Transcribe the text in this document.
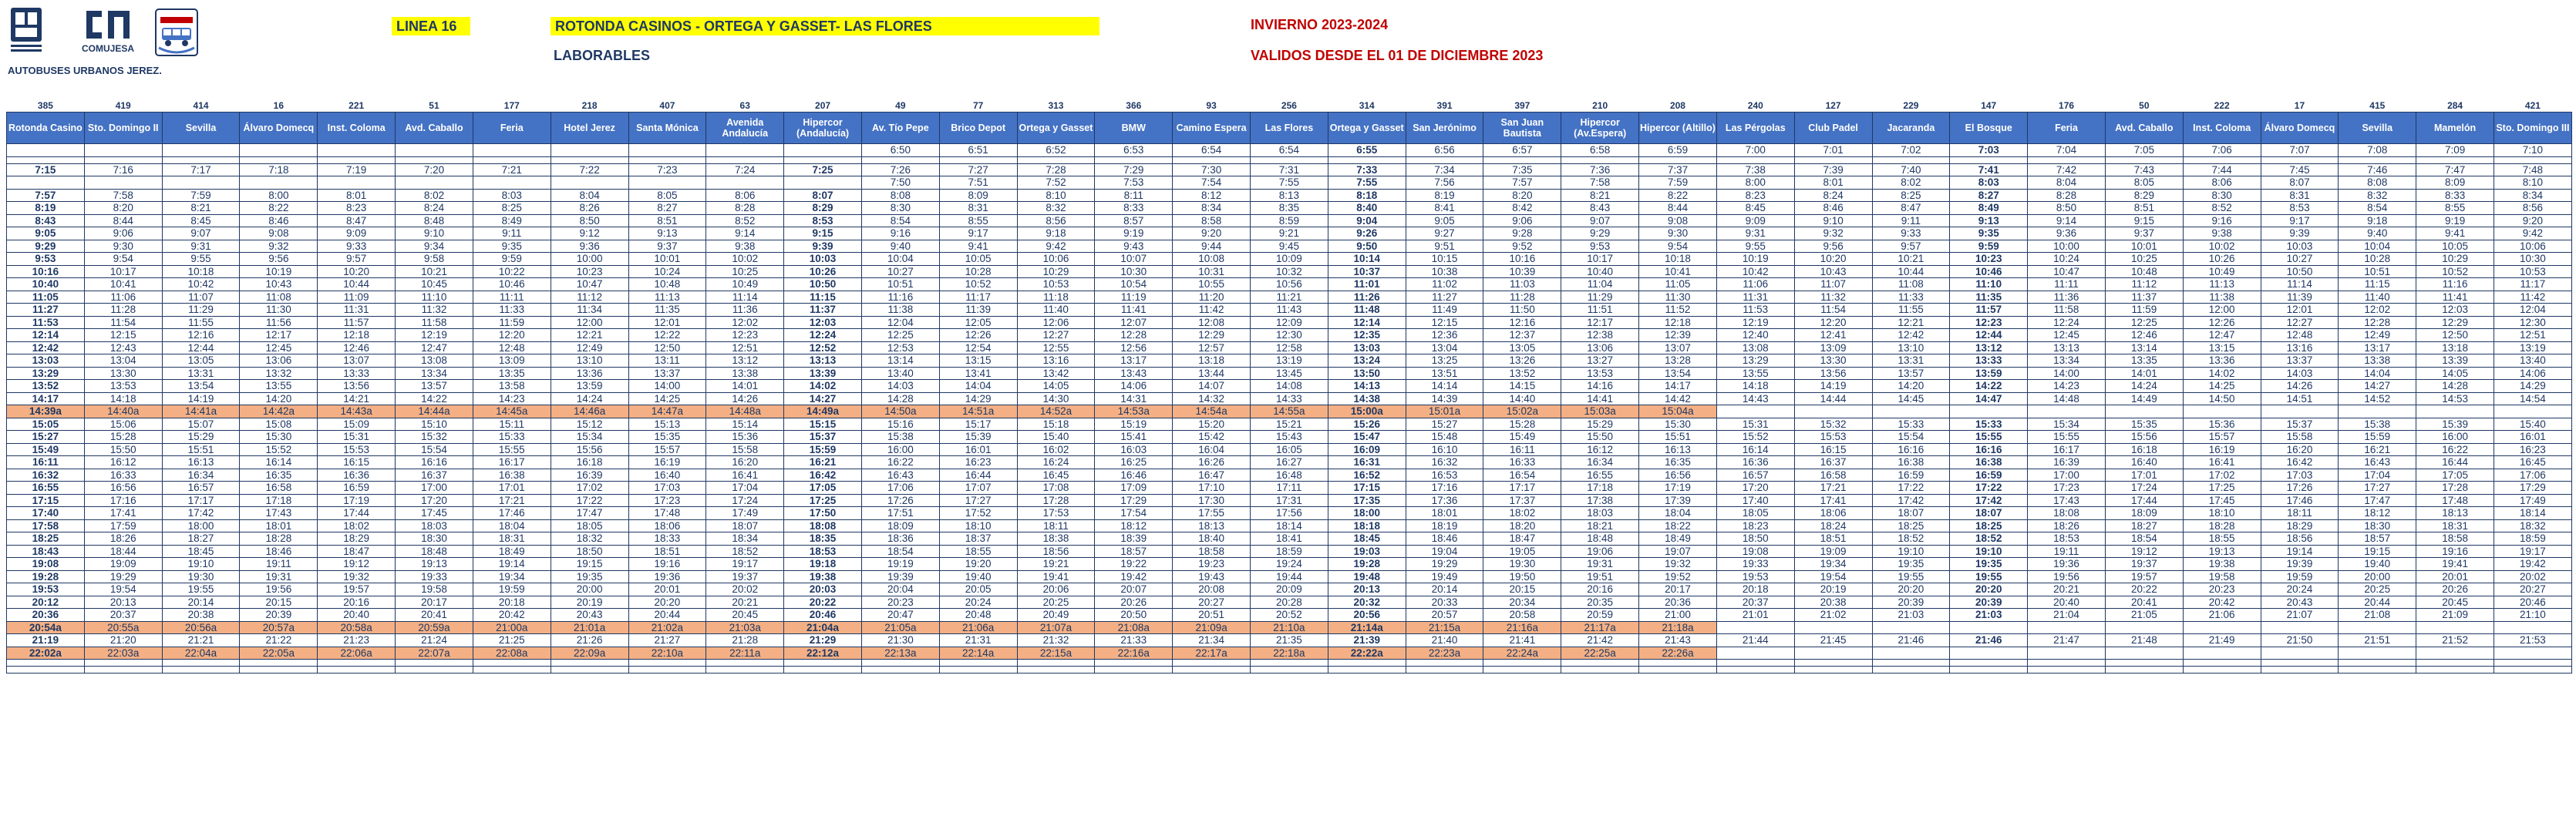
COMUJESA
AUTOBUSES URBANOS JEREZ.
LINEA 16	ROTONDA CASINOS - ORTEGA Y GASSET- LAS FLORES
LABORABLES
INVIERNO 2023-2024
VALIDOS DESDE EL 01 DE DICIEMBRE 2023
385	419	414	16	221	51	177	218	407	63	207	49	77	313	366	93	256	314	391	397	210	208	240	127	229	147	176	50	222	17	415	284	421
Rotonda Casino	Sto. Domingo II	Sevilla	Álvaro Domecq	Inst. Coloma	Avd. Caballo	Feria	Hotel Jerez	Santa Mónica	Avenida Andalucía	Hipercor (Andalucía)	Av. Tío Pepe	Brico Depot	Ortega y Gasset	BMW	Camino Espera	Las Flores	Ortega y Gasset	San Jerónimo	San Juan Bautista	Hipercor (Av.Espera)	Hipercor (Altillo)	Las Pérgolas	Club Padel	Jacaranda	El Bosque	Feria	Avd. Caballo	Inst. Coloma	Álvaro Domecq	Sevilla	Mamelón	Sto. Domingo III
											6:50	6:51	6:52	6:53	6:54	6:54	6:55	6:56	6:57	6:58	6:59	7:00	7:01	7:02	7:03	7:04	7:05	7:06	7:07	7:08	7:09	7:10

7:15	7:16	7:17	7:18	7:19	7:20	7:21	7:22	7:23	7:24	7:25	7:26	7:27	7:28	7:29	7:30	7:31	7:33	7:34	7:35	7:36	7:37	7:38	7:39	7:40	7:41	7:42	7:43	7:44	7:45	7:46	7:47	7:48
											7:50	7:51	7:52	7:53	7:54	7:55	7:55	7:56	7:57	7:58	7:59	8:00	8:01	8:02	8:03	8:04	8:05	8:06	8:07	8:08	8:09	8:10
7:57	7:58	7:59	8:00	8:01	8:02	8:03	8:04	8:05	8:06	8:07	8:08	8:09	8:10	8:11	8:12	8:13	8:18	8:19	8:20	8:21	8:22	8:23	8:24	8:25	8:27	8:28	8:29	8:30	8:31	8:32	8:33	8:34
8:19	8:20	8:21	8:22	8:23	8:24	8:25	8:26	8:27	8:28	8:29	8:30	8:31	8:32	8:33	8:34	8:35	8:40	8:41	8:42	8:43	8:44	8:45	8:46	8:47	8:49	8:50	8:51	8:52	8:53	8:54	8:55	8:56
8:43	8:44	8:45	8:46	8:47	8:48	8:49	8:50	8:51	8:52	8:53	8:54	8:55	8:56	8:57	8:58	8:59	9:04	9:05	9:06	9:07	9:08	9:09	9:10	9:11	9:13	9:14	9:15	9:16	9:17	9:18	9:19	9:20
9:05	9:06	9:07	9:08	9:09	9:10	9:11	9:12	9:13	9:14	9:15	9:16	9:17	9:18	9:19	9:20	9:21	9:26	9:27	9:28	9:29	9:30	9:31	9:32	9:33	9:35	9:36	9:37	9:38	9:39	9:40	9:41	9:42
9:29	9:30	9:31	9:32	9:33	9:34	9:35	9:36	9:37	9:38	9:39	9:40	9:41	9:42	9:43	9:44	9:45	9:50	9:51	9:52	9:53	9:54	9:55	9:56	9:57	9:59	10:00	10:01	10:02	10:03	10:04	10:05	10:06
9:53	9:54	9:55	9:56	9:57	9:58	9:59	10:00	10:01	10:02	10:03	10:04	10:05	10:06	10:07	10:08	10:09	10:14	10:15	10:16	10:17	10:18	10:19	10:20	10:21	10:23	10:24	10:25	10:26	10:27	10:28	10:29	10:30
10:16	10:17	10:18	10:19	10:20	10:21	10:22	10:23	10:24	10:25	10:26	10:27	10:28	10:29	10:30	10:31	10:32	10:37	10:38	10:39	10:40	10:41	10:42	10:43	10:44	10:46	10:47	10:48	10:49	10:50	10:51	10:52	10:53
10:40	10:41	10:42	10:43	10:44	10:45	10:46	10:47	10:48	10:49	10:50	10:51	10:52	10:53	10:54	10:55	10:56	11:01	11:02	11:03	11:04	11:05	11:06	11:07	11:08	11:10	11:11	11:12	11:13	11:14	11:15	11:16	11:17
11:05	11:06	11:07	11:08	11:09	11:10	11:11	11:12	11:13	11:14	11:15	11:16	11:17	11:18	11:19	11:20	11:21	11:26	11:27	11:28	11:29	11:30	11:31	11:32	11:33	11:35	11:36	11:37	11:38	11:39	11:40	11:41	11:42
11:27	11:28	11:29	11:30	11:31	11:32	11:33	11:34	11:35	11:36	11:37	11:38	11:39	11:40	11:41	11:42	11:43	11:48	11:49	11:50	11:51	11:52	11:53	11:54	11:55	11:57	11:58	11:59	12:00	12:01	12:02	12:03	12:04
11:53	11:54	11:55	11:56	11:57	11:58	11:59	12:00	12:01	12:02	12:03	12:04	12:05	12:06	12:07	12:08	12:09	12:14	12:15	12:16	12:17	12:18	12:19	12:20	12:21	12:23	12:24	12:25	12:26	12:27	12:28	12:29	12:30
12:14	12:15	12:16	12:17	12:18	12:19	12:20	12:21	12:22	12:23	12:24	12:25	12:26	12:27	12:28	12:29	12:30	12:35	12:36	12:37	12:38	12:39	12:40	12:41	12:42	12:44	12:45	12:46	12:47	12:48	12:49	12:50	12:51
12:42	12:43	12:44	12:45	12:46	12:47	12:48	12:49	12:50	12:51	12:52	12:53	12:54	12:55	12:56	12:57	12:58	13:03	13:04	13:05	13:06	13:07	13:08	13:09	13:10	13:12	13:13	13:14	13:15	13:16	13:17	13:18	13:19
13:03	13:04	13:05	13:06	13:07	13:08	13:09	13:10	13:11	13:12	13:13	13:14	13:15	13:16	13:17	13:18	13:19	13:24	13:25	13:26	13:27	13:28	13:29	13:30	13:31	13:33	13:34	13:35	13:36	13:37	13:38	13:39	13:40
13:29	13:30	13:31	13:32	13:33	13:34	13:35	13:36	13:37	13:38	13:39	13:40	13:41	13:42	13:43	13:44	13:45	13:50	13:51	13:52	13:53	13:54	13:55	13:56	13:57	13:59	14:00	14:01	14:02	14:03	14:04	14:05	14:06
13:52	13:53	13:54	13:55	13:56	13:57	13:58	13:59	14:00	14:01	14:02	14:03	14:04	14:05	14:06	14:07	14:08	14:13	14:14	14:15	14:16	14:17	14:18	14:19	14:20	14:22	14:23	14:24	14:25	14:26	14:27	14:28	14:29
14:17	14:18	14:19	14:20	14:21	14:22	14:23	14:24	14:25	14:26	14:27	14:28	14:29	14:30	14:31	14:32	14:33	14:38	14:39	14:40	14:41	14:42	14:43	14:44	14:45	14:47	14:48	14:49	14:50	14:51	14:52	14:53	14:54
14:39a	14:40a	14:41a	14:42a	14:43a	14:44a	14:45a	14:46a	14:47a	14:48a	14:49a	14:50a	14:51a	14:52a	14:53a	14:54a	14:55a	15:00a	15:01a	15:02a	15:03a	15:04a											
15:05	15:06	15:07	15:08	15:09	15:10	15:11	15:12	15:13	15:14	15:15	15:16	15:17	15:18	15:19	15:20	15:21	15:26	15:27	15:28	15:29	15:30	15:31	15:32	15:33	15:33	15:34	15:35	15:36	15:37	15:38	15:39	15:40
15:27	15:28	15:29	15:30	15:31	15:32	15:33	15:34	15:35	15:36	15:37	15:38	15:39	15:40	15:41	15:42	15:43	15:47	15:48	15:49	15:50	15:51	15:52	15:53	15:54	15:55	15:55	15:56	15:57	15:58	15:59	16:00	16:01
15:49	15:50	15:51	15:52	15:53	15:54	15:55	15:56	15:57	15:58	15:59	16:00	16:01	16:02	16:03	16:04	16:05	16:09	16:10	16:11	16:12	16:13	16:14	16:15	16:16	16:16	16:17	16:18	16:19	16:20	16:21	16:22	16:23
16:11	16:12	16:13	16:14	16:15	16:16	16:17	16:18	16:19	16:20	16:21	16:22	16:23	16:24	16:25	16:26	16:27	16:31	16:32	16:33	16:34	16:35	16:36	16:37	16:38	16:38	16:39	16:40	16:41	16:42	16:43	16:44	16:45
16:32	16:33	16:34	16:35	16:36	16:37	16:38	16:39	16:40	16:41	16:42	16:43	16:44	16:45	16:46	16:47	16:48	16:52	16:53	16:54	16:55	16:56	16:57	16:58	16:59	16:59	17:00	17:01	17:02	17:03	17:04	17:05	17:06
16:55	16:56	16:57	16:58	16:59	17:00	17:01	17:02	17:03	17:04	17:05	17:06	17:07	17:08	17:09	17:10	17:11	17:15	17:16	17:17	17:18	17:19	17:20	17:21	17:22	17:22	17:23	17:24	17:25	17:26	17:27	17:28	17:29
17:15	17:16	17:17	17:18	17:19	17:20	17:21	17:22	17:23	17:24	17:25	17:26	17:27	17:28	17:29	17:30	17:31	17:35	17:36	17:37	17:38	17:39	17:40	17:41	17:42	17:42	17:43	17:44	17:45	17:46	17:47	17:48	17:49
17:40	17:41	17:42	17:43	17:44	17:45	17:46	17:47	17:48	17:49	17:50	17:51	17:52	17:53	17:54	17:55	17:56	18:00	18:01	18:02	18:03	18:04	18:05	18:06	18:07	18:07	18:08	18:09	18:10	18:11	18:12	18:13	18:14
17:58	17:59	18:00	18:01	18:02	18:03	18:04	18:05	18:06	18:07	18:08	18:09	18:10	18:11	18:12	18:13	18:14	18:18	18:19	18:20	18:21	18:22	18:23	18:24	18:25	18:25	18:26	18:27	18:28	18:29	18:30	18:31	18:32
18:25	18:26	18:27	18:28	18:29	18:30	18:31	18:32	18:33	18:34	18:35	18:36	18:37	18:38	18:39	18:40	18:41	18:45	18:46	18:47	18:48	18:49	18:50	18:51	18:52	18:52	18:53	18:54	18:55	18:56	18:57	18:58	18:59
18:43	18:44	18:45	18:46	18:47	18:48	18:49	18:50	18:51	18:52	18:53	18:54	18:55	18:56	18:57	18:58	18:59	19:03	19:04	19:05	19:06	19:07	19:08	19:09	19:10	19:10	19:11	19:12	19:13	19:14	19:15	19:16	19:17
19:08	19:09	19:10	19:11	19:12	19:13	19:14	19:15	19:16	19:17	19:18	19:19	19:20	19:21	19:22	19:23	19:24	19:28	19:29	19:30	19:31	19:32	19:33	19:34	19:35	19:35	19:36	19:37	19:38	19:39	19:40	19:41	19:42
19:28	19:29	19:30	19:31	19:32	19:33	19:34	19:35	19:36	19:37	19:38	19:39	19:40	19:41	19:42	19:43	19:44	19:48	19:49	19:50	19:51	19:52	19:53	19:54	19:55	19:55	19:56	19:57	19:58	19:59	20:00	20:01	20:02
19:53	19:54	19:55	19:56	19:57	19:58	19:59	20:00	20:01	20:02	20:03	20:04	20:05	20:06	20:07	20:08	20:09	20:13	20:14	20:15	20:16	20:17	20:18	20:19	20:20	20:20	20:21	20:22	20:23	20:24	20:25	20:26	20:27
20:12	20:13	20:14	20:15	20:16	20:17	20:18	20:19	20:20	20:21	20:22	20:23	20:24	20:25	20:26	20:27	20:28	20:32	20:33	20:34	20:35	20:36	20:37	20:38	20:39	20:39	20:40	20:41	20:42	20:43	20:44	20:45	20:46
20:36	20:37	20:38	20:39	20:40	20:41	20:42	20:43	20:44	20:45	20:46	20:47	20:48	20:49	20:50	20:51	20:52	20:56	20:57	20:58	20:59	21:00	21:01	21:02	21:03	21:03	21:04	21:05	21:06	21:07	21:08	21:09	21:10
20:54a	20:55a	20:56a	20:57a	20:58a	20:59a	21:00a	21:01a	21:02a	21:03a	21:04a	21:05a	21:06a	21:07a	21:08a	21:09a	21:10a	21:14a	21:15a	21:16a	21:17a	21:18a											
21:19	21:20	21:21	21:22	21:23	21:24	21:25	21:26	21:27	21:28	21:29	21:30	21:31	21:32	21:33	21:34	21:35	21:39	21:40	21:41	21:42	21:43	21:44	21:45	21:46	21:46	21:47	21:48	21:49	21:50	21:51	21:52	21:53
22:02a	22:03a	22:04a	22:05a	22:06a	22:07a	22:08a	22:09a	22:10a	22:11a	22:12a	22:13a	22:14a	22:15a	22:16a	22:17a	22:18a	22:22a	22:23a	22:24a	22:25a	22:26a											
